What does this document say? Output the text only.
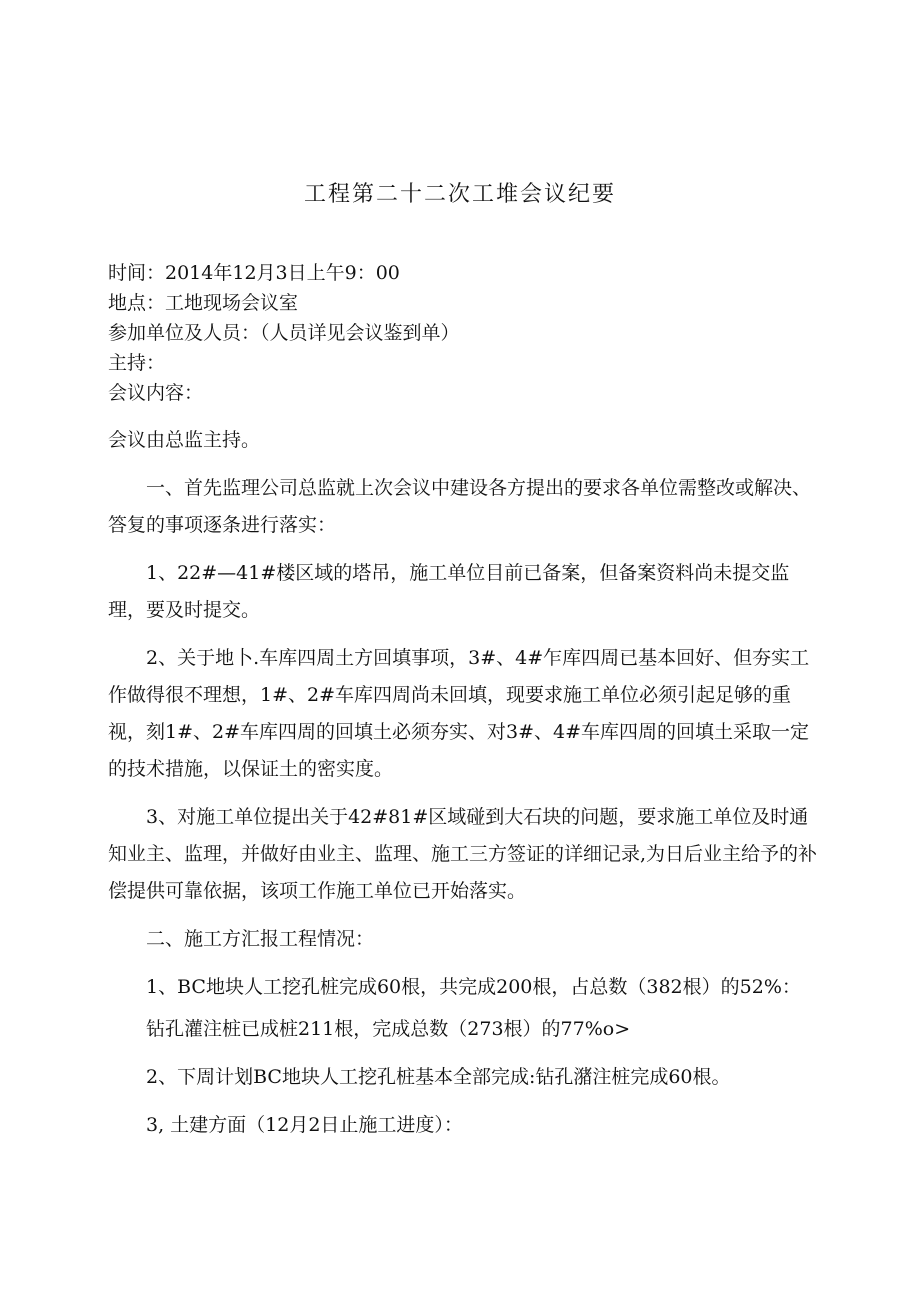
工程第二十二次工堆会议纪要

时间：2014年12月3日上午9：00

地点：工地现场会议室

参加单位及人员：（人员详见会议鉴到单）

主持：

会议内容：

会议由总监主持。

一、首先监理公司总监就上次会议中建设各方提出的要求各单位需整改或解决、答复的事项逐条进行落实：

1、22#—41#楼区域的塔吊，施工单位目前已备案，但备案资料尚未提交监理，要及时提交。

2、关于地卜.车库四周土方回填事项，3#、4#乍库四周已基本回好、但夯实工作做得很不理想，1#、2#车库四周尚未回填，现要求施工单位必须引起足够的重视，刻1#、2#车库四周的回填土必须夯实、对3#、4#车库四周的回填土采取一定的技术措施，以保证土的密实度。

3、对施工单位提出关于42#81#区域碰到大石块的问题，要求施工单位及时通知业主、监理，并做好由业主、监理、施工三方签证的详细记录,为日后业主给予的补偿提供可靠依据，该项工作施工单位已开始落实。

二、施工方汇报工程情况：

1、BC地块人工挖孔桩完成60根，共完成200根，占总数（382根）的52%：

钻孔灌注桩已成桩211根，完成总数（273根）的77%o>

2、下周计划BC地块人工挖孔桩基本全部完成:钻孔潴注桩完成60根。

3, 土建方面（12月2日止施工进度）：
